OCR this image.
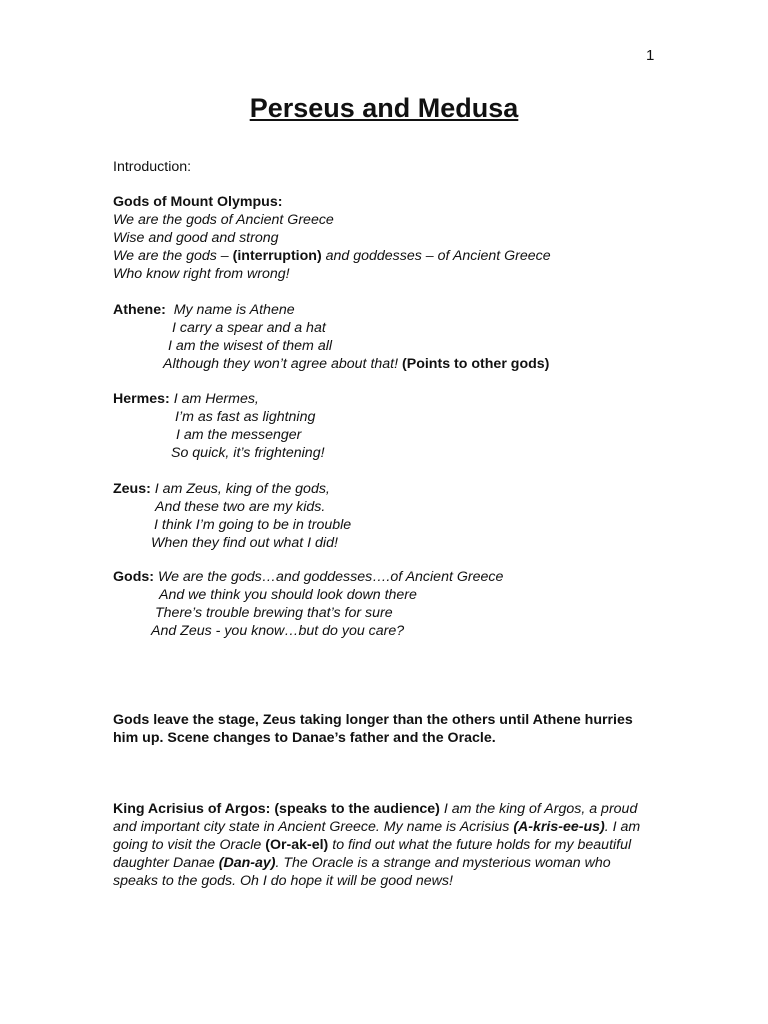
1
Perseus and Medusa
Introduction:
Gods of Mount Olympus:
We are the gods of Ancient Greece
Wise and good and strong
We are the gods – (interruption) and goddesses – of Ancient Greece
Who know right from wrong!
Athene: My name is Athene
I carry a spear and a hat
I am the wisest of them all
Although they won’t agree about that! (Points to other gods)
Hermes: I am Hermes,
I’m as fast as lightning
I am the messenger
So quick, it’s frightening!
Zeus: I am Zeus, king of the gods,
And these two are my kids.
I think I’m going to be in trouble
When they find out what I did!
Gods: We are the gods…and goddesses….of Ancient Greece
And we think you should look down there
There’s trouble brewing that’s for sure
And Zeus - you know…but do you care?
Gods leave the stage, Zeus taking longer than the others until Athene hurries him up. Scene changes to Danae’s father and the Oracle.
King Acrisius of Argos: (speaks to the audience) I am the king of Argos, a proud and important city state in Ancient Greece. My name is Acrisius (A-kris-ee-us). I am going to visit the Oracle (Or-ak-el) to find out what the future holds for my beautiful daughter Danae (Dan-ay). The Oracle is a strange and mysterious woman who speaks to the gods. Oh I do hope it will be good news!
